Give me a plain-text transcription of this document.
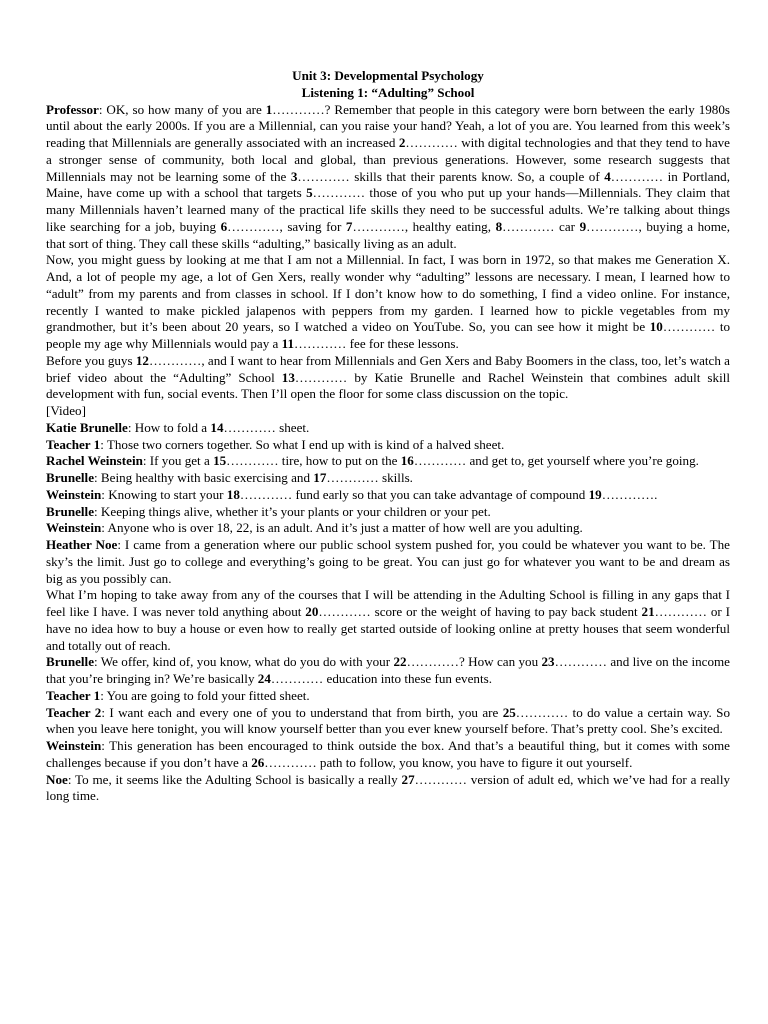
Unit 3: Developmental Psychology

Listening 1: “Adulting” School

Professor: OK, so how many of you are 1…………? Remember that people in this category were born between the early 1980s until about the early 2000s. If you are a Millennial, can you raise your hand? Yeah, a lot of you are. You learned from this week’s reading that Millennials are generally associated with an increased 2………… with digital technologies and that they tend to have a stronger sense of community, both local and global, than previous generations. However, some research suggests that Millennials may not be learning some of the 3………… skills that their parents know. So, a couple of 4………… in Portland, Maine, have come up with a school that targets 5………… those of you who put up your hands—Millennials. They claim that many Millennials haven’t learned many of the practical life skills they need to be successful adults. We’re talking about things like searching for a job, buying 6…………, saving for 7…………, healthy eating, 8………… car 9…………, buying a home, that sort of thing. They call these skills “adulting,” basically living as an adult.

Now, you might guess by looking at me that I am not a Millennial. In fact, I was born in 1972, so that makes me Generation X. And, a lot of people my age, a lot of Gen Xers, really wonder why “adulting” lessons are necessary. I mean, I learned how to “adult” from my parents and from classes in school. If I don’t know how to do something, I find a video online. For instance, recently I wanted to make pickled jalapenos with peppers from my garden. I learned how to pickle vegetables from my grandmother, but it’s been about 20 years, so I watched a video on YouTube. So, you can see how it might be 10………… to people my age why Millennials would pay a 11………… fee for these lessons.

Before you guys 12…………, and I want to hear from Millennials and Gen Xers and Baby Boomers in the class, too, let’s watch a brief video about the “Adulting” School 13………… by Katie Brunelle and Rachel Weinstein that combines adult skill development with fun, social events. Then I’ll open the floor for some class discussion on the topic.

[Video]

Katie Brunelle: How to fold a 14………… sheet.

Teacher 1: Those two corners together. So what I end up with is kind of a halved sheet.

Rachel Weinstein: If you get a 15………… tire, how to put on the 16………… and get to, get yourself where you’re going.

Brunelle: Being healthy with basic exercising and 17………… skills.

Weinstein: Knowing to start your 18………… fund early so that you can take advantage of compound 19………….

Brunelle: Keeping things alive, whether it’s your plants or your children or your pet.

Weinstein: Anyone who is over 18, 22, is an adult. And it’s just a matter of how well are you adulting.

Heather Noe: I came from a generation where our public school system pushed for, you could be whatever you want to be. The sky’s the limit. Just go to college and everything’s going to be great. You can just go for whatever you want to be and dream as big as you possibly can.

What I’m hoping to take away from any of the courses that I will be attending in the Adulting School is filling in any gaps that I feel like I have. I was never told anything about 20………… score or the weight of having to pay back student 21………… or I have no idea how to buy a house or even how to really get started outside of looking online at pretty houses that seem wonderful and totally out of reach.

Brunelle: We offer, kind of, you know, what do you do with your 22…………? How can you 23………… and live on the income that you’re bringing in? We’re basically 24………… education into these fun events.

Teacher 1: You are going to fold your fitted sheet.

Teacher 2: I want each and every one of you to understand that from birth, you are 25………… to do value a certain way. So when you leave here tonight, you will know yourself better than you ever knew yourself before. That’s pretty cool. She’s excited.

Weinstein: This generation has been encouraged to think outside the box. And that’s a beautiful thing, but it comes with some challenges because if you don’t have a 26………… path to follow, you know, you have to figure it out yourself.

Noe: To me, it seems like the Adulting School is basically a really 27………… version of adult ed, which we’ve had for a really long time.
